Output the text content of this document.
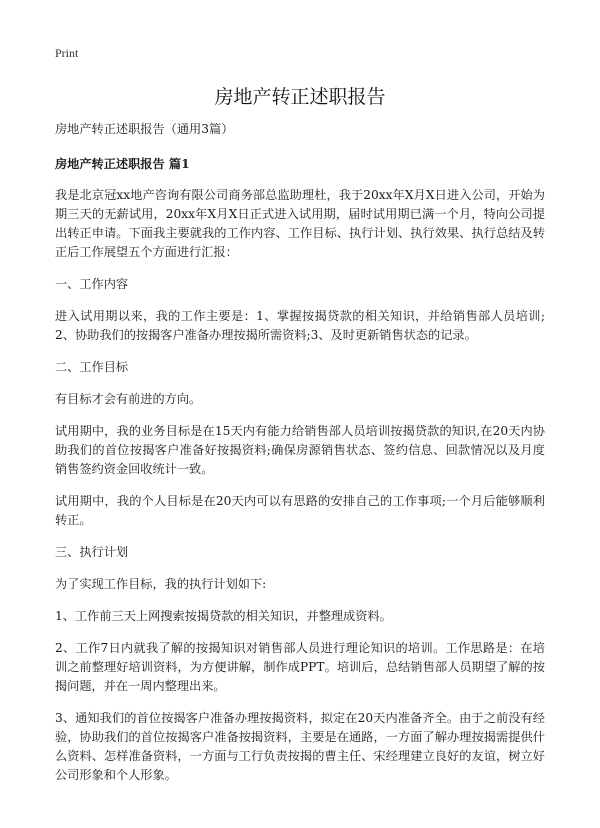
Print
房地产转正述职报告

房地产转正述职报告（通用3篇）

房地产转正述职报告 篇1

我是北京冠xx地产咨询有限公司商务部总监助理杜，我于20xx年X月X日进入公司，开始为期三天的无薪试用，20xx年X月X日正式进入试用期，届时试用期已满一个月，特向公司提出转正申请。下面我主要就我的工作内容、工作目标、执行计划、执行效果、执行总结及转正后工作展望五个方面进行汇报：

一、工作内容

进入试用期以来，我的工作主要是：1、掌握按揭贷款的相关知识，并给销售部人员培训;2、协助我们的按揭客户准备办理按揭所需资料;3、及时更新销售状态的记录。

二、工作目标

有目标才会有前进的方向。

试用期中，我的业务目标是在15天内有能力给销售部人员培训按揭贷款的知识,在20天内协助我们的首位按揭客户准备好按揭资料;确保房源销售状态、签约信息、回款情况以及月度销售签约资金回收统计一致。

试用期中，我的个人目标是在20天内可以有思路的安排自己的工作事项;一个月后能够顺利转正。

三、执行计划

为了实现工作目标，我的执行计划如下:

1、工作前三天上网搜索按揭贷款的相关知识，并整理成资料。

2、工作7日内就我了解的按揭知识对销售部人员进行理论知识的培训。工作思路是：在培训之前整理好培训资料，为方便讲解，制作成PPT。培训后，总结销售部人员期望了解的按揭问题，并在一周内整理出来。

3、通知我们的首位按揭客户准备办理按揭资料，拟定在20天内准备齐全。由于之前没有经验，协助我们的首位按揭客户准备按揭资料，主要是在通路，一方面了解办理按揭需提供什么资料、怎样准备资料，一方面与工行负责按揭的曹主任、宋经理建立良好的友谊，树立好公司形象和个人形象。
